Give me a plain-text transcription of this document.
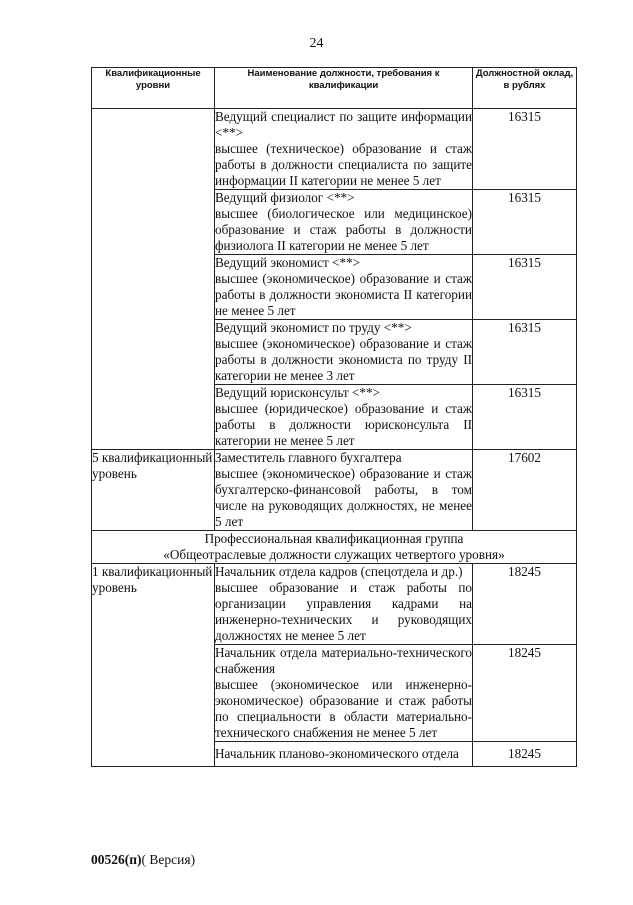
24
Квалификационные уровни	Наименование должности, требования к квалификации	Должностной оклад, в рублях

	Ведущий специалист по защите информации <**>
высшее (техническое) образование и стаж работы в должности специалиста по защите информации II категории не менее 5 лет	16315

	Ведущий физиолог <**>
высшее (биологическое или медицинское) образование и стаж работы в должности физиолога II категории не менее 5 лет	16315

	Ведущий экономист <**>
высшее (экономическое) образование и стаж работы в должности экономиста II категории не менее 5 лет	16315

	Ведущий экономист по труду <**>
высшее (экономическое) образование и стаж работы в должности экономиста по труду II категории не менее 3 лет	16315

	Ведущий юрисконсульт <**>
высшее (юридическое) образование и стаж работы в должности юрисконсульта II категории не менее 5 лет	16315
5 квалификационный уровень	Заместитель главного бухгалтера
высшее (экономическое) образование и стаж бухгалтерско-финансовой работы, в том числе на руководящих должностях, не менее 5 лет	17602

Профессиональная квалификационная группа
«Общеотраслевые должности служащих четвертого уровня»		

1 квалификационный уровень	Начальник отдела кадров (спецотдела и др.)
высшее образование и стаж работы по организации управления кадрами на инженерно-технических и руководящих должностях не менее 5 лет	18245

	Начальник отдела материально-технического снабжения
высшее (экономическое или инженерно-экономическое) образование и стаж работы по специальности в области материально-технического снабжения не менее 5 лет	18245

	Начальник планово-экономического отдела	18245
00526(п)( Версия)
